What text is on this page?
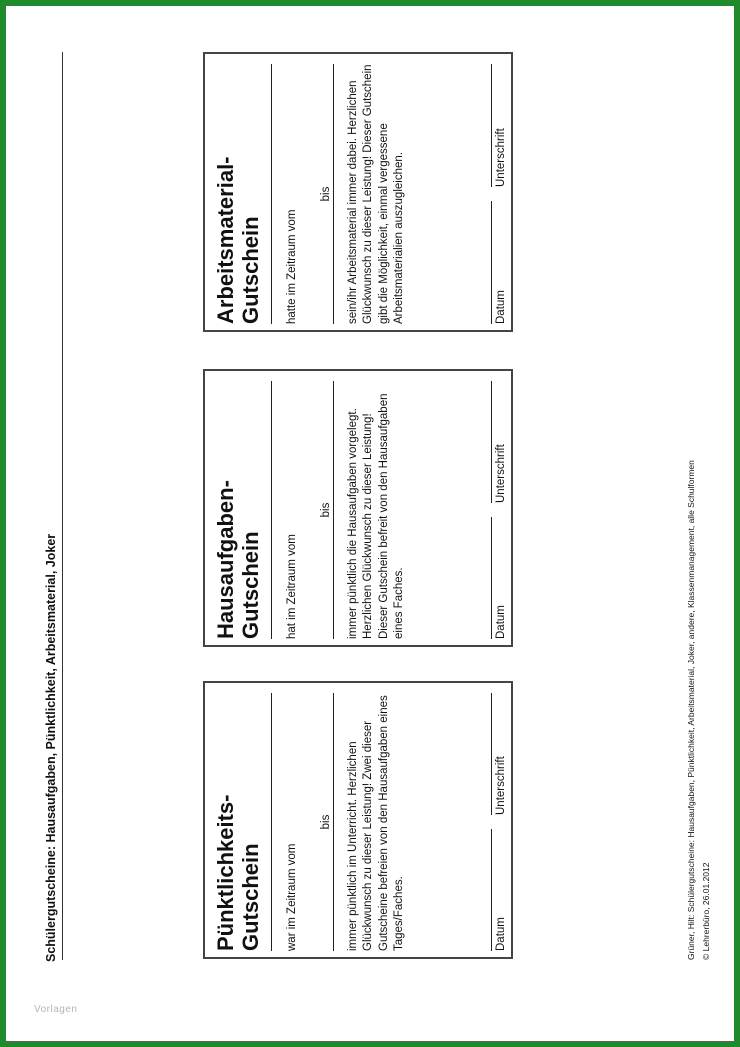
Schülergutscheine: Hausaufgaben, Pünktlichkeit, Arbeitsmaterial, Joker	Pünktlichkeits- Gutschein war im Zeitraum vom
bis immer pünktlich im Unterricht. Herzlichen Glückwunsch zu dieser Leistung! Zwei dieser Gutscheine befreien von den Hausaufgaben eines Tages/Faches.	Datum
Unterschrift
Hausaufgaben- Gutschein hat im Zeitraum vom
bis immer pünktlich die Hausaufgaben vorgelegt. Herzlichen Glückwunsch zu dieser Leistung! Dieser Gutschein befreit von den Hausaufgaben eines Faches.	Datum
Unterschrift
Arbeitsmaterial- Gutschein hatte im Zeitraum vom
bis sein/ihr Arbeitsmaterial immer dabei. Herzlichen Glückwunsch zu dieser Leistung! Dieser Gutschein gibt die Möglichkeit, einmal vergessene Arbeitsmaterialien auszugleichen.	Datum
Unterschrift
Grüner, Hilt: Schülergutscheine: Hausaufgaben, Pünktlichkeit, Arbeitsmaterial, Joker, andere, Klassenmanagement, alle Schulformen © Lehrerbüro, 26.01.2012
Vorlagen
